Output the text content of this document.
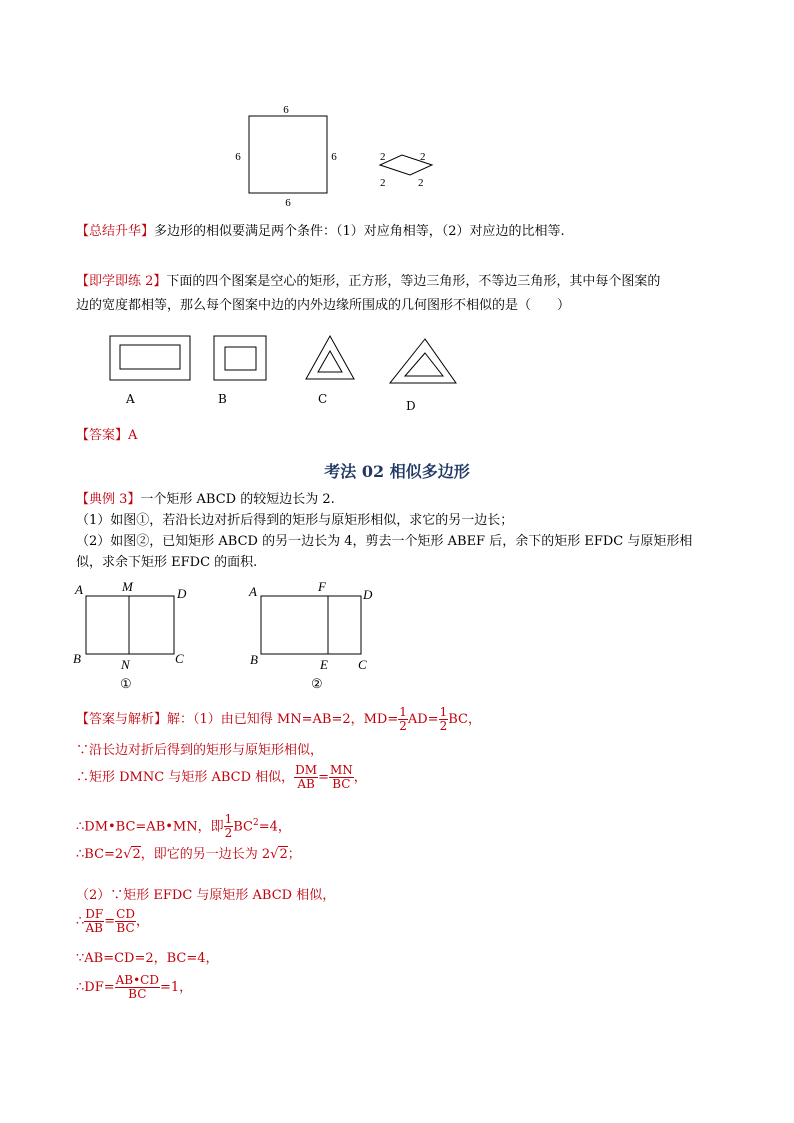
6
6	6
6
2	2
2	2
【总结升华】多边形的相似要满足两个条件：（1）对应角相等，（2）对应边的比相等.
【即学即练 2】下面的四个图案是空心的矩形，正方形，等边三角形，不等边三角形，其中每个图案的
边的宽度都相等，那么每个图案中边的内外边缘所围成的几何图形不相似的是（　　）
A	B	C	D
【答案】A
考法 02 相似多边形
【典例 3】一个矩形 ABCD 的较短边长为 2.
（1）如图①，若沿长边对折后得到的矩形与原矩形相似，求它的另一边长；
（2）如图②，已知矩形 ABCD 的另一边长为 4，剪去一个矩形 ABEF 后，余下的矩形 EFDC 与原矩形相
似，求余下矩形 EFDC 的面积.
A	M	D
B	N	C
①
A	F
D
B	E C
②
【答案与解析】解：（1）由已知得 MN=AB=2，$MD= \frac{1}{2} AD= \frac{1}{2}$ BC，
∵沿长边对折后得到的矩形与原矩形相似，
∴矩形 DMNC 与矩形 ABCD 相似， $\frac{DM}{AB} = \frac{MN}{BC}$ ，
∴DM•BC=AB•MN，即 $\frac{1}{2} BC^2=4$，
∴BC=2√2，即它的另一边长为 2√2；
（2）∵矩形 EFDC 与原矩形 ABCD 相似，
∴ $\frac{DF}{AB} = \frac{CD}{BC}$ ，
∵AB=CD=2，BC=4，
∴DF= $\frac{AB•CD}{BC} =1$，
